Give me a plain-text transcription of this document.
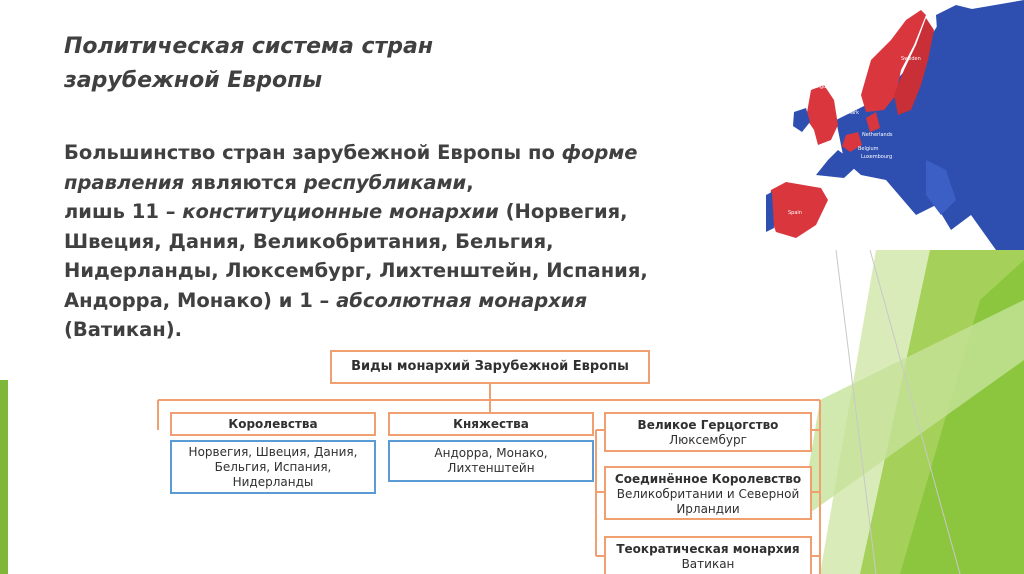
Политическая система стран
зарубежной Европы

Большинство стран зарубежной Европы по форме
правления являются республиками,
лишь 11 – конституционные монархии (Норвегия,
Швеция, Дания, Великобритания, Бельгия,
Нидерланды, Люксембург, Лихтенштейн, Испания,
Андорра, Монако) и 1 – абсолютная монархия
(Ватикан).

Norway
Sweden
United Kingdom
Denmark
Netherlands
Belgium
Luxembourg
Spain
Виды монархий Зарубежной Европы
Королевства
Норвегия, Швеция, Дания,
Бельгия, Испания,
Нидерланды
Княжества
Андорра, Монако,
Лихтенштейн
Великое Герцогство
Люксембург
Соединённое Королевство
Великобритании и Северной
Ирландии
Теократическая монархия
Ватикан
